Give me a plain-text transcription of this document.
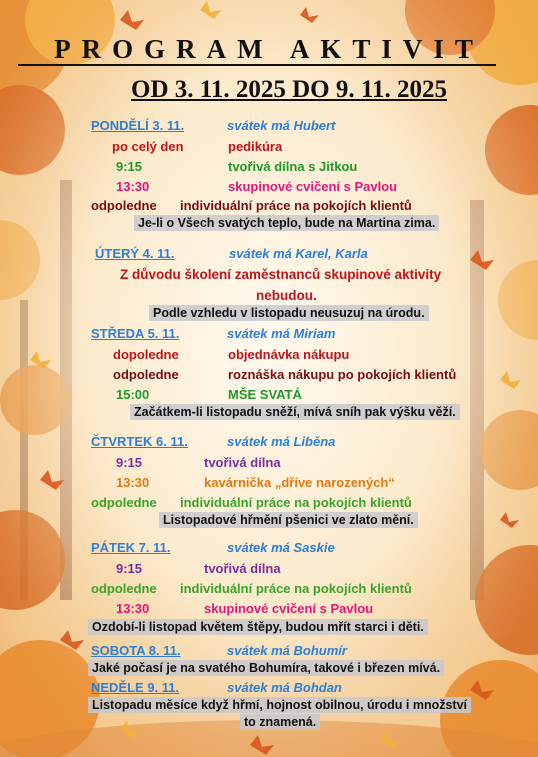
PROGRAM AKTIVIT
OD 3. 11. 2025 DO 9. 11. 2025
PONDĚLÍ 3. 11.	svátek má Hubert
po celý den	pedikúra
9:15	tvořivá dílna s Jitkou
13:30	skupinové cvičení s Pavlou
odpoledne individuální práce na pokojích klientů
Je-li o Všech svatých teplo, bude na Martina zima.
ÚTERÝ 4. 11.	svátek má Karel, Karla
Z důvodu školení zaměstnanců skupinové aktivity
nebudou.
Podle vzhledu v listopadu neusuzuj na úrodu.
STŘEDA 5. 11.	svátek má Miriam
dopoledne	objednávka nákupu
odpoledne	roznáška nákupu po pokojích klientů
15:00	MŠE SVATÁ
Začátkem-li listopadu sněží, mívá sníh pak výšku věží.
ČTVRTEK 6. 11.	svátek má Liběna
9:15	tvořivá dílna
13:30	kavárnička „dříve narozených“
odpoledne individuální práce na pokojích klientů
Listopadové hřmění pšenici ve zlato mění.
PÁTEK 7. 11.	svátek má Saskie
9:15	tvořivá dílna
odpoledne individuální práce na pokojích klientů
13:30	skupinové cvičení s Pavlou
Ozdobí-li listopad květem štěpy, budou mřít starci i děti.
SOBOTA 8. 11.	svátek má Bohumír
Jaké počasí je na svatého Bohumíra, takové i březen mívá.
NEDĚLE 9. 11.	svátek má Bohdan
Listopadu měsíce když hřmí, hojnost obilnou, úrodu i množství
to znamená.
